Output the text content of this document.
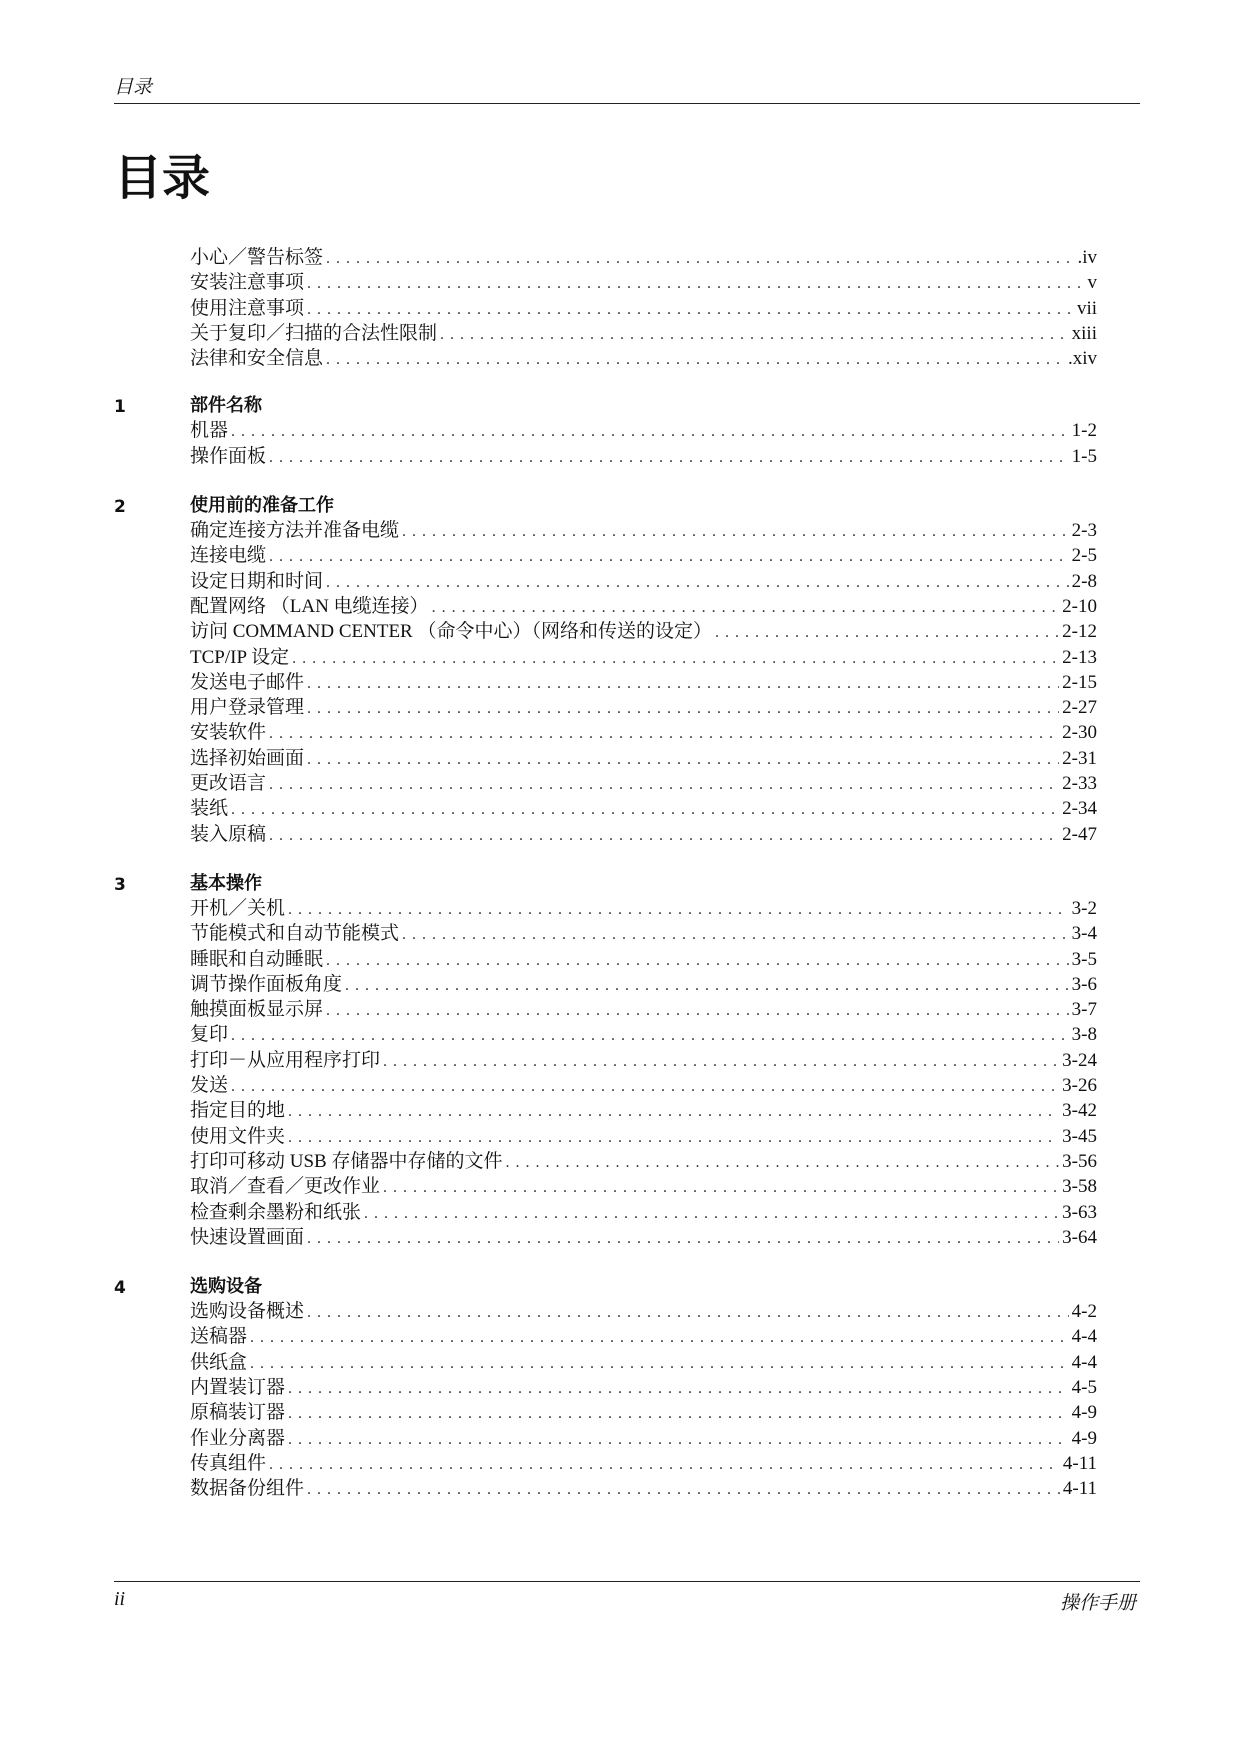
目录
目录
小心／警告标签 . . .	.iv
安装注意事项 . . .	v
使用注意事项 . . .	vii
关于复印／扫描的合法性限制 . . .	xiii
法律和安全信息 . . .	.xiv
1	部件名称
机器 . . .	1-2
操作面板 . . .	1-5
2	使用前的准备工作
确定连接方法并准备电缆 . . .	2-3
连接电缆 . . .	2-5
设定日期和时间 . . .	2-8
配置网络 （LAN 电缆连接） . . .	2-10
访问 COMMAND CENTER （命令中心）（网络和传送的设定） . . .	2-12
TCP/IP 设定 . . .	2-13
发送电子邮件 . . .	2-15
用户登录管理 . . .	2-27
安装软件 . . .	2-30
选择初始画面 . . .	2-31
更改语言 . . .	2-33
装纸 . . .	2-34
装入原稿 . . .	2-47
3	基本操作
开机／关机 . . .	3-2
节能模式和自动节能模式 . . .	3-4
睡眠和自动睡眠 . . .	3-5
调节操作面板角度 . . .	3-6
触摸面板显示屏 . . .	3-7
复印 . . .	3-8
打印－从应用程序打印 . . .	3-24
发送 . . .	3-26
指定目的地 . . .	3-42
使用文件夹 . . .	3-45
打印可移动 USB 存储器中存储的文件 . . .	3-56
取消／查看／更改作业 . . .	3-58
检查剩余墨粉和纸张 . . .	3-63
快速设置画面 . . .	3-64
4	选购设备
选购设备概述 . . .	4-2
送稿器 . . .	4-4
供纸盒 . . .	4-4
内置装订器 . . .	4-5
原稿装订器 . . .	4-9
作业分离器 . . .	4-9
传真组件 . . .	4-11
数据备份组件 . . .	4-11
ii	操作手册
